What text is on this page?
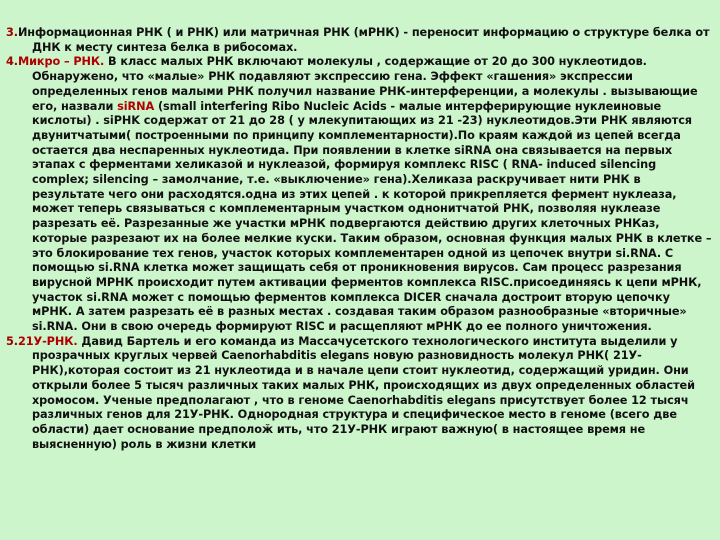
3.Информационная РНК ( и РНК) или матричная РНК (мРНК) - переносит информацию о структуре белка от ДНК к месту синтеза белка в рибосомах.

4.Микро – РНК. В класс малых РНК включают молекулы , содержащие от 20 до 300 нуклеотидов. Обнаружено, что «малые» РНК подавляют экспрессию гена. Эффект «гашения» экспрессии определенных генов малыми РНК получил название РНК-интерференции, а молекулы . вызывающие его, назвали siRNA (small interfering Ribo Nucleic Acids - малые интерферирующие нуклеиновые кислоты) . siPHK содержат от 21 до 28 ( у млекупитающих из 21 -23) нуклеотидов.Эти РНК являются двунитчатыми( построенными по принципу комплементарности).По краям каждой из цепей всегда остается два неспаренных нуклеотида. При появлении в клетке siRNA она связывается на первых этапах с ферментами хеликазой и нуклеазой, формируя комплекс RISC ( RNA- induced silencing complex; silencing – замолчание, т.е. «выключение» гена).Хеликаза раскручивает нити РНК в результате чего они расходятся.одна из этих цепей . к которой прикрепляется фермент нуклеаза, может теперь связываться с комплементарным участком однонитчатой РНК, позволяя нуклеазе разрезать её. Разрезанные же участки мРНК подвергаются действию других клеточных РНКаз, которые разрезают их на более мелкие куски. Таким образом, основная функция малых РНК в клетке – это блокирование тех генов, участок которых комплементарен одной из цепочек внутри si.RNA. С помощью si.RNA клетка может защищать себя от проникновения вирусов. Сам процесс разрезания вирусной МРНК происходит путем активации ферментов комплекса RISC.присоединяясь к цепи мРНК, участок si.RNA может с помощью ферментов комплекса DICER сначала достроит вторую цепочку мРНК. А затем разрезать её в разных местах . создавая таким образом разнообразные «вторичные» si.RNA. Они в свою очередь формируют RISC и расщепляют мРНК до ее полного уничтожения.

5.21У-РНК. Давид Бартель и его команда из Массачусетского технологического института выделили у прозрачных круглых червей Caenorhabditis elegans новую разновидность молекул РНК( 21У-РНК),которая состоит из 21 нуклеотида и в начале цепи стоит нуклеотид, содержащий уридин. Они открыли более 5 тысяч различных таких малых РНК, происходящих из двух определенных областей хромосом. Ученые предполагают , что в геноме Caenorhabditis elegans присутствует более 12 тысяч различных генов для 21У-РНК. Однородная структура и специфическое место в геноме (всего две области) дает основание предполоӂ ить, что 21У-РНК играют важную( в настоящее время не выясненную) роль в жизни клетки
